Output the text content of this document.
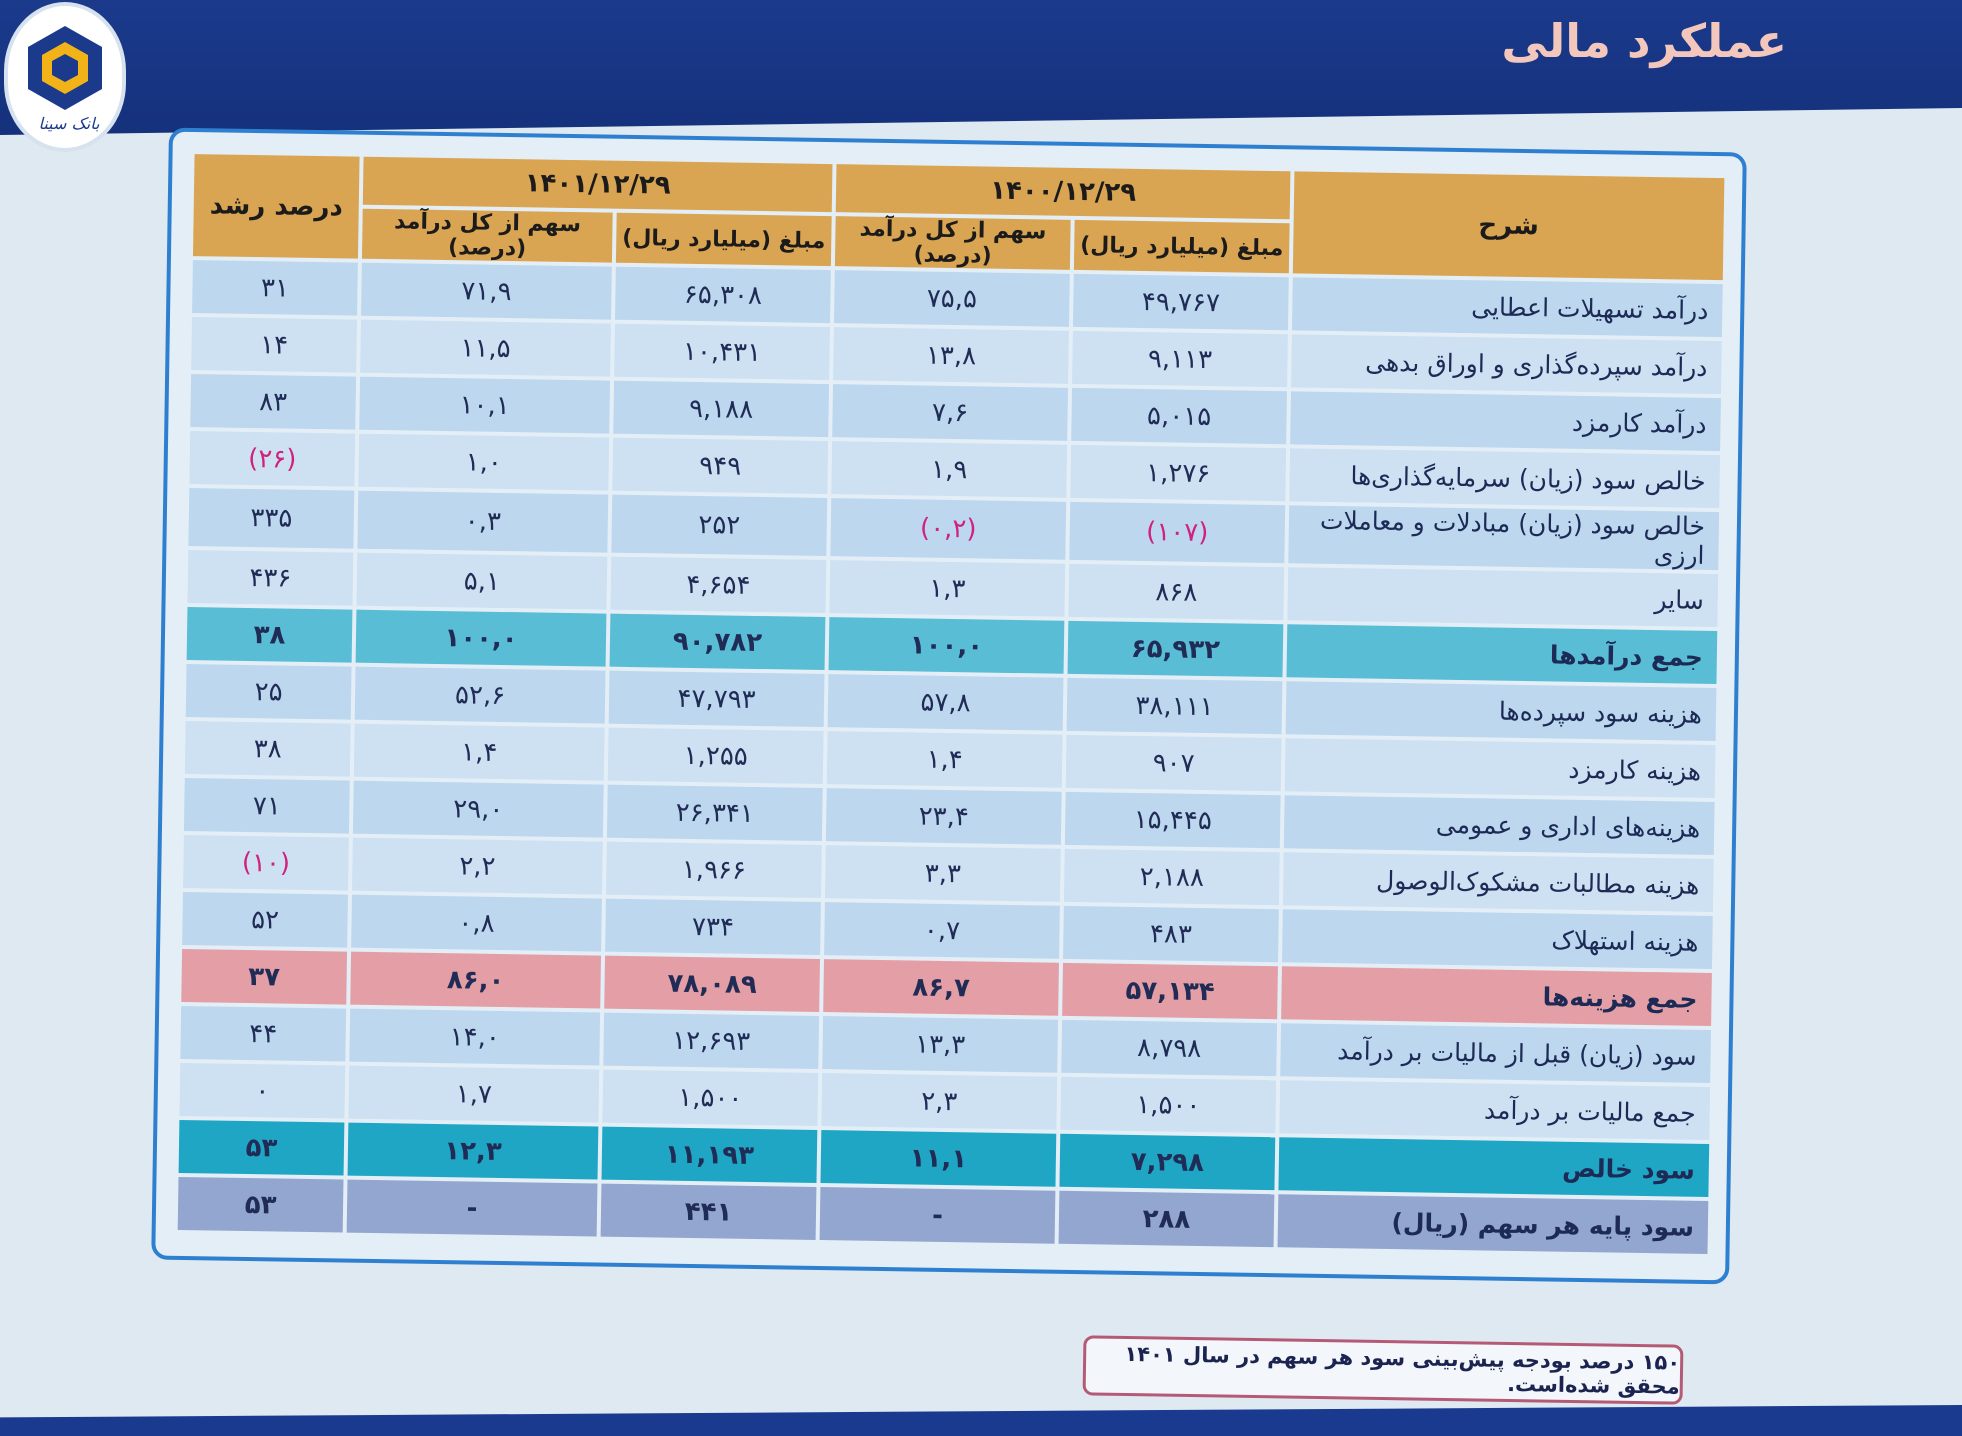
بانک سینا
عملکرد مالی
شرح	۱۴۰۰/۱۲/۲۹		۱۴۰۱/۱۲/۲۹		درصد رشد
	مبلغ (میلیارد ریال)	سهم از کل درآمد (درصد)	مبلغ (میلیارد ریال)	سهم از کل درآمد (درصد)	
درآمد تسهیلات اعطایی	۴۹,۷۶۷	۷۵,۵	۶۵,۳۰۸	۷۱,۹	۳۱
درآمد سپرده‌گذاری و اوراق بدهی	۹,۱۱۳	۱۳,۸	۱۰,۴۳۱	۱۱,۵	۱۴
درآمد کارمزد	۵,۰۱۵	۷,۶	۹,۱۸۸	۱۰,۱	۸۳
خالص سود (زیان) سرمایه‌گذاری‌ها	۱,۲۷۶	۱,۹	۹۴۹	۱,۰	(۲۶)
خالص سود (زیان) مبادلات و معاملات ارزی	(۱۰۷)	(۰,۲)	۲۵۲	۰,۳	۳۳۵
سایر	۸۶۸	۱,۳	۴,۶۵۴	۵,۱	۴۳۶
جمع درآمدها	۶۵,۹۳۲	۱۰۰,۰	۹۰,۷۸۲	۱۰۰,۰	۳۸
هزینه سود سپرده‌ها	۳۸,۱۱۱	۵۷,۸	۴۷,۷۹۳	۵۲,۶	۲۵
هزینه کارمزد	۹۰۷	۱,۴	۱,۲۵۵	۱,۴	۳۸
هزینه‌های اداری و عمومی	۱۵,۴۴۵	۲۳,۴	۲۶,۳۴۱	۲۹,۰	۷۱
هزینه مطالبات مشکوک‌الوصول	۲,۱۸۸	۳,۳	۱,۹۶۶	۲,۲	(۱۰)
هزینه استهلاک	۴۸۳	۰,۷	۷۳۴	۰,۸	۵۲
جمع هزینه‌ها	۵۷,۱۳۴	۸۶,۷	۷۸,۰۸۹	۸۶,۰	۳۷
سود (زیان) قبل از مالیات بر درآمد	۸,۷۹۸	۱۳,۳	۱۲,۶۹۳	۱۴,۰	۴۴
جمع مالیات بر درآمد	۱,۵۰۰	۲,۳	۱,۵۰۰	۱,۷	۰
سود خالص	۷,۲۹۸	۱۱,۱	۱۱,۱۹۳	۱۲,۳	۵۳
سود پایه هر سهم (ریال)	۲۸۸	-	۴۴۱	-	۵۳
۱۵۰ درصد بودجه پیش‌بینی سود هر سهم در سال ۱۴۰۱ محقق شده‌است.
